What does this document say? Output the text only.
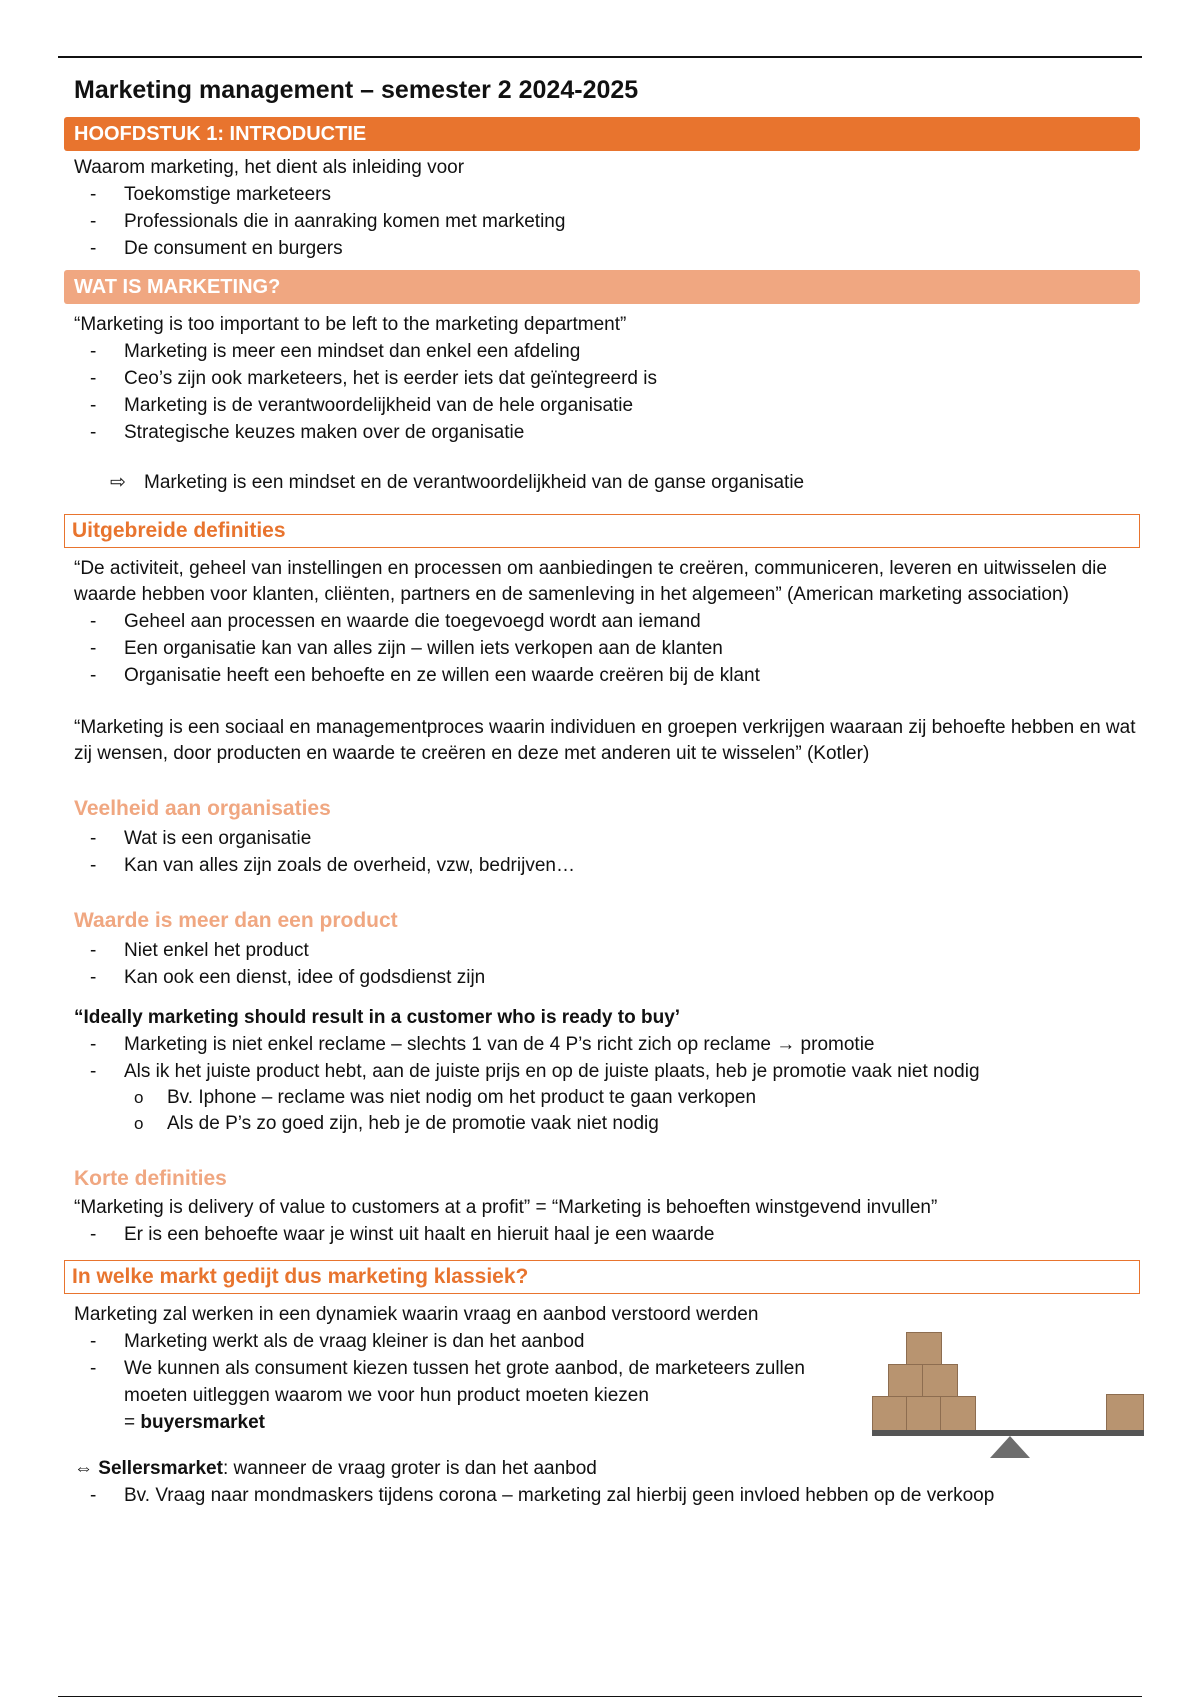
Marketing management – semester 2 2024-2025
HOOFDSTUK 1: INTRODUCTIE

Waarom marketing, het dient als inleiding voor

- Toekomstige marketeers
- Professionals die in aanraking komen met marketing
- De consument en burgers
WAT IS MARKETING?

“Marketing is too important to be left to the marketing department”

- Marketing is meer een mindset dan enkel een afdeling
- Ceo’s zijn ook marketeers, het is eerder iets dat geïntegreerd is
- Marketing is de verantwoordelijkheid van de hele organisatie
- Strategische keuzes maken over de organisatie
⇨ Marketing is een mindset en de verantwoordelijkheid van de ganse organisatie
Uitgebreide definities

“De activiteit, geheel van instellingen en processen om aanbiedingen te creëren, communiceren, leveren en uitwisselen die waarde hebben voor klanten, cliënten, partners en de samenleving in het algemeen” (American marketing association)

- Geheel aan processen en waarde die toegevoegd wordt aan iemand
- Een organisatie kan van alles zijn – willen iets verkopen aan de klanten
- Organisatie heeft een behoefte en ze willen een waarde creëren bij de klant

“Marketing is een sociaal en managementproces waarin individuen en groepen verkrijgen waaraan zij behoefte hebben en wat zij wensen, door producten en waarde te creëren en deze met anderen uit te wisselen” (Kotler)

Veelheid aan organisaties
- Wat is een organisatie
- Kan van alles zijn zoals de overheid, vzw, bedrijven…
Waarde is meer dan een product
- Niet enkel het product
- Kan ook een dienst, idee of godsdienst zijn

“Ideally marketing should result in a customer who is ready to buy’

- Marketing is niet enkel reclame – slechts 1 van de 4 P’s richt zich op reclame → promotie
- Als ik het juiste product hebt, aan de juiste prijs en op de juiste plaats, heb je promotie vaak niet nodig
o Bv. Iphone – reclame was niet nodig om het product te gaan verkopen
o Als de P’s zo goed zijn, heb je de promotie vaak niet nodig
Korte definities

“Marketing is delivery of value to customers at a profit” = “Marketing is behoeften winstgevend invullen”

- Er is een behoefte waar je winst uit haalt en hieruit haal je een waarde
In welke markt gedijt dus marketing klassiek?

Marketing zal werken in een dynamiek waarin vraag en aanbod verstoord werden

- Marketing werkt als de vraag kleiner is dan het aanbod
- We kunnen als consument kiezen tussen het grote aanbod, de marketeers zullen moeten uitleggen waarom we voor hun product moeten kiezen
= buyersmarket
⇔ Sellersmarket: wanneer de vraag groter is dan het aanbod
- Bv. Vraag naar mondmaskers tijdens corona – marketing zal hierbij geen invloed hebben op de verkoop
